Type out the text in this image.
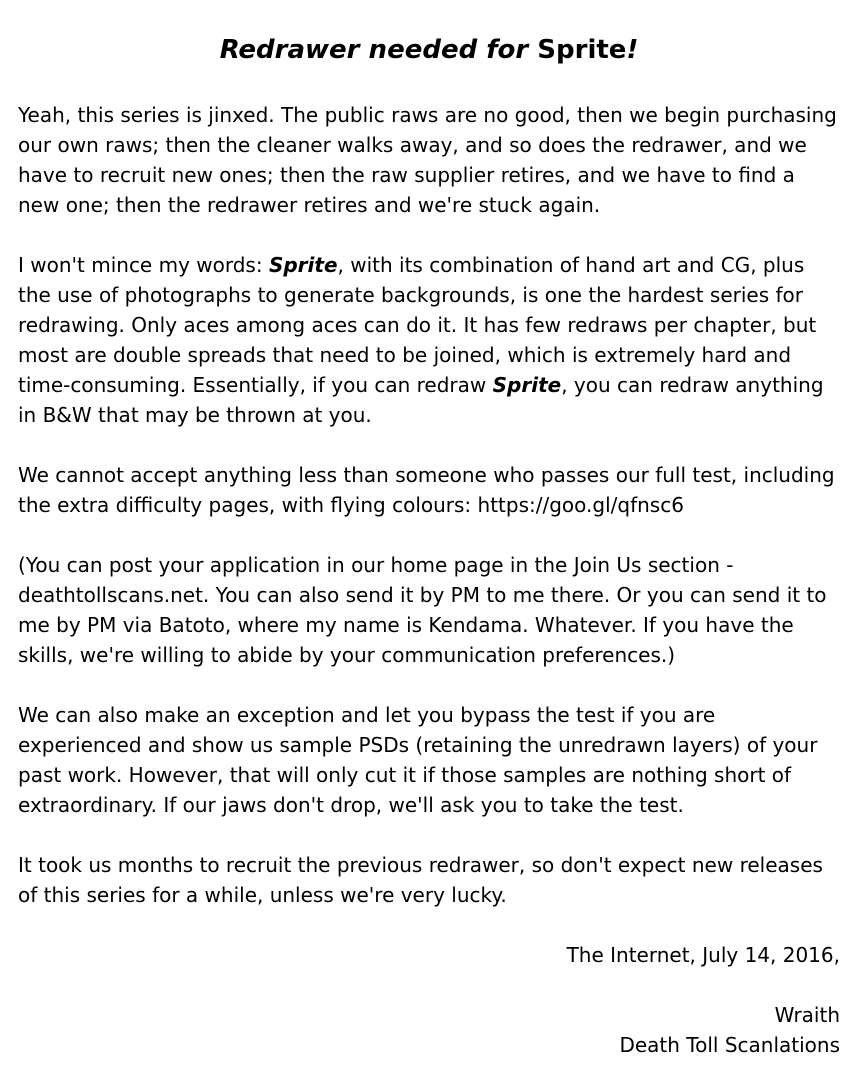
Redrawer needed for Sprite!

Yeah, this series is jinxed. The public raws are no good, then we begin purchasing our own raws; then the cleaner walks away, and so does the redrawer, and we have to recruit new ones; then the raw supplier retires, and we have to find a new one; then the redrawer retires and we're stuck again.

I won't mince my words: Sprite, with its combination of hand art and CG, plus the use of photographs to generate backgrounds, is one the hardest series for redrawing. Only aces among aces can do it. It has few redraws per chapter, but most are double spreads that need to be joined, which is extremely hard and time-consuming. Essentially, if you can redraw Sprite, you can redraw anything in B&W that may be thrown at you.

We cannot accept anything less than someone who passes our full test, including the extra difficulty pages, with flying colours: https://goo.gl/qfnsc6

(You can post your application in our home page in the Join Us section - deathtollscans.net. You can also send it by PM to me there. Or you can send it to me by PM via Batoto, where my name is Kendama. Whatever. If you have the skills, we're willing to abide by your communication preferences.)

We can also make an exception and let you bypass the test if you are experienced and show us sample PSDs (retaining the unredrawn layers) of your past work. However, that will only cut it if those samples are nothing short of extraordinary. If our jaws don't drop, we'll ask you to take the test.

It took us months to recruit the previous redrawer, so don't expect new releases of this series for a while, unless we're very lucky.

The Internet, July 14, 2016,

Wraith

Death Toll Scanlations
